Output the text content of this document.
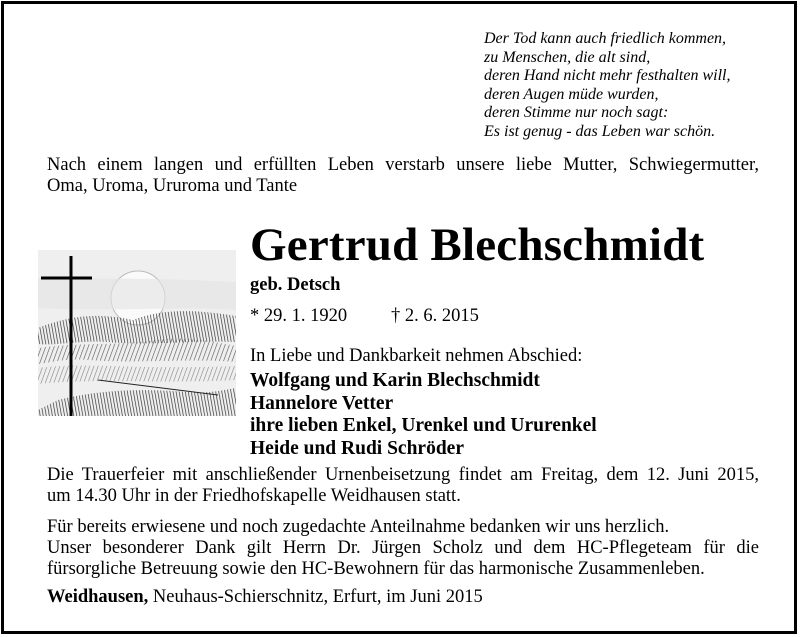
Der Tod kann auch friedlich kommen,
zu Menschen, die alt sind,
deren Hand nicht mehr festhalten will,
deren Augen müde wurden,
deren Stimme nur noch sagt:
Es ist genug - das Leben war schön.
Nach einem langen und erfüllten Leben verstarb unsere liebe Mutter, Schwiegermutter,
Oma, Uroma, Ururoma und Tante
Gertrud Blechschmidt
geb. Detsch
* 29. 1. 1920 † 2. 6. 2015
In Liebe und Dankbarkeit nehmen Abschied:
Wolfgang und Karin Blechschmidt
Hannelore Vetter
ihre lieben Enkel, Urenkel und Ururenkel
Heide und Rudi Schröder
Die Trauerfeier mit anschließender Urnenbeisetzung findet am Freitag, dem 12. Juni 2015,
um 14.30 Uhr in der Friedhofskapelle Weidhausen statt.
Für bereits erwiesene und noch zugedachte Anteilnahme bedanken wir uns herzlich.
Unser besonderer Dank gilt Herrn Dr. Jürgen Scholz und dem HC-Pflegeteam für die
fürsorgliche Betreuung sowie den HC-Bewohnern für das harmonische Zusammenleben.
Weidhausen, Neuhaus-Schierschnitz, Erfurt, im Juni 2015
